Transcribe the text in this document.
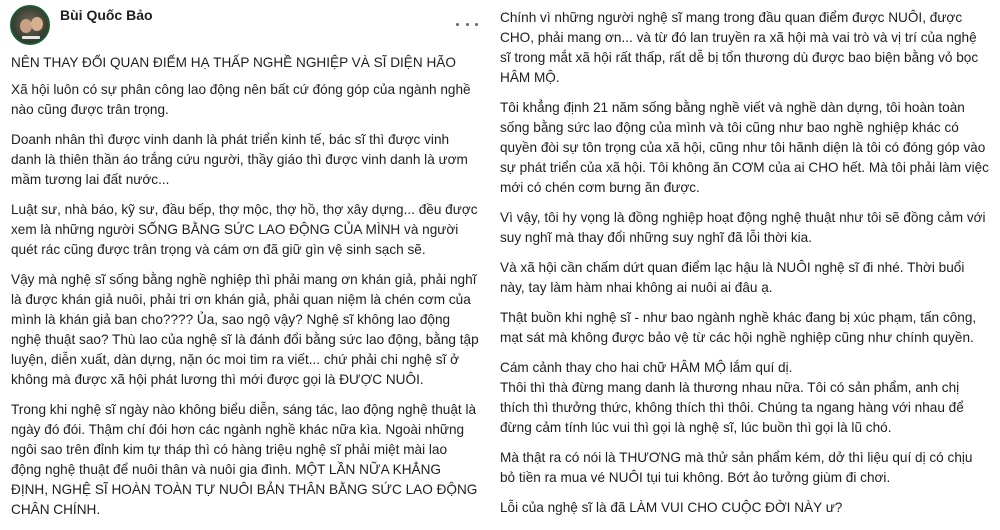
Bùi Quốc Bảo

NÊN THAY ĐỔI QUAN ĐIỂM HẠ THẤP NGHỀ NGHIỆP VÀ SĨ DIỆN HÃO

Xã hội luôn có sự phân công lao động nên bất cứ đóng góp của ngành nghề nào cũng được trân trọng.

Doanh nhân thì được vinh danh là phát triển kinh tế, bác sĩ thì được vinh danh là thiên thần áo trắng cứu người, thầy giáo thì được vinh danh là ươm mầm tương lai đất nước...

Luật sư, nhà báo, kỹ sư, đầu bếp, thợ mộc, thợ hồ, thợ xây dựng... đều được xem là những người SỐNG BẰNG SỨC LAO ĐỘNG CỦA MÌNH và người quét rác cũng được trân trọng và cám ơn đã giữ gìn vệ sinh sạch sẽ.

Vậy mà nghệ sĩ sống bằng nghề nghiệp thì phải mang ơn khán giả, phải nghĩ là được khán giả nuôi, phải tri ơn khán giả, phải quan niệm là chén cơm của mình là khán giả ban cho???? Ủa, sao ngộ vậy? Nghệ sĩ không lao động nghệ thuật sao? Thù lao của nghệ sĩ là đánh đổi bằng sức lao động, bằng tập luyện, diễn xuất, dàn dựng, nặn óc moi tim ra viết... chứ phải chi nghệ sĩ ở không mà được xã hội phát lương thì mới được gọi là ĐƯỢC NUÔI.

Trong khi nghệ sĩ ngày nào không biểu diễn, sáng tác, lao động nghệ thuật là ngày đó đói. Thậm chí đói hơn các ngành nghề khác nữa kìa. Ngoài những ngôi sao trên đỉnh kim tự tháp thì có hàng triệu nghệ sĩ phải miệt mài lao động nghệ thuật để nuôi thân và nuôi gia đình. MỘT LẦN NỮA KHẲNG ĐỊNH, NGHỆ SĨ HOÀN TOÀN TỰ NUÔI BẢN THÂN BẰNG SỨC LAO ĐỘNG CHÂN CHÍNH.

Chính vì những người nghệ sĩ mang trong đầu quan điểm được NUÔI, được CHO, phải mang ơn... và từ đó lan truyền ra xã hội mà vai trò và vị trí của nghệ sĩ trong mắt xã hội rất thấp, rất dễ bị tổn thương dù được bao biện bằng vỏ bọc HÂM MỘ.

Tôi khẳng định 21 năm sống bằng nghề viết và nghề dàn dựng, tôi hoàn toàn sống bằng sức lao động của mình và tôi cũng như bao nghề nghiệp khác có quyền đòi sự tôn trọng của xã hội, cũng như tôi hãnh diện là tôi có đóng góp vào sự phát triển của xã hội. Tôi không ăn CƠM của ai CHO hết. Mà tôi phải làm việc mới có chén cơm bưng ăn được.

Vì vậy, tôi hy vọng là đồng nghiệp hoạt động nghệ thuật như tôi sẽ đồng cảm với suy nghĩ mà thay đổi những suy nghĩ đã lỗi thời kia.

Và xã hội cần chấm dứt quan điểm lạc hậu là NUÔI nghệ sĩ đi nhé. Thời buổi này, tay làm hàm nhai không ai nuôi ai đâu ạ.

Thật buồn khi nghệ sĩ - như bao ngành nghề khác đang bị xúc phạm, tấn công, mạt sát mà không được bảo vệ từ các hội nghề nghiệp cũng như chính quyền.

Cám cảnh thay cho hai chữ HÂM MỘ lắm quí dị.

Thôi thì thà đừng mang danh là thương nhau nữa. Tôi có sản phẩm, anh chị thích thì thưởng thức, không thích thì thôi. Chúng ta ngang hàng với nhau để đừng cảm tính lúc vui thì gọi là nghệ sĩ, lúc buồn thì gọi là lũ chó.

Mà thật ra có nói là THƯƠNG mà thử sản phẩm kém, dở thì liệu quí dị có chịu bỏ tiền ra mua vé NUÔI tụi tui không. Bớt ảo tưởng giùm đi chơi.

Lỗi của nghệ sĩ là đã LÀM VUI CHO CUỘC ĐỜI NÀY ư?
